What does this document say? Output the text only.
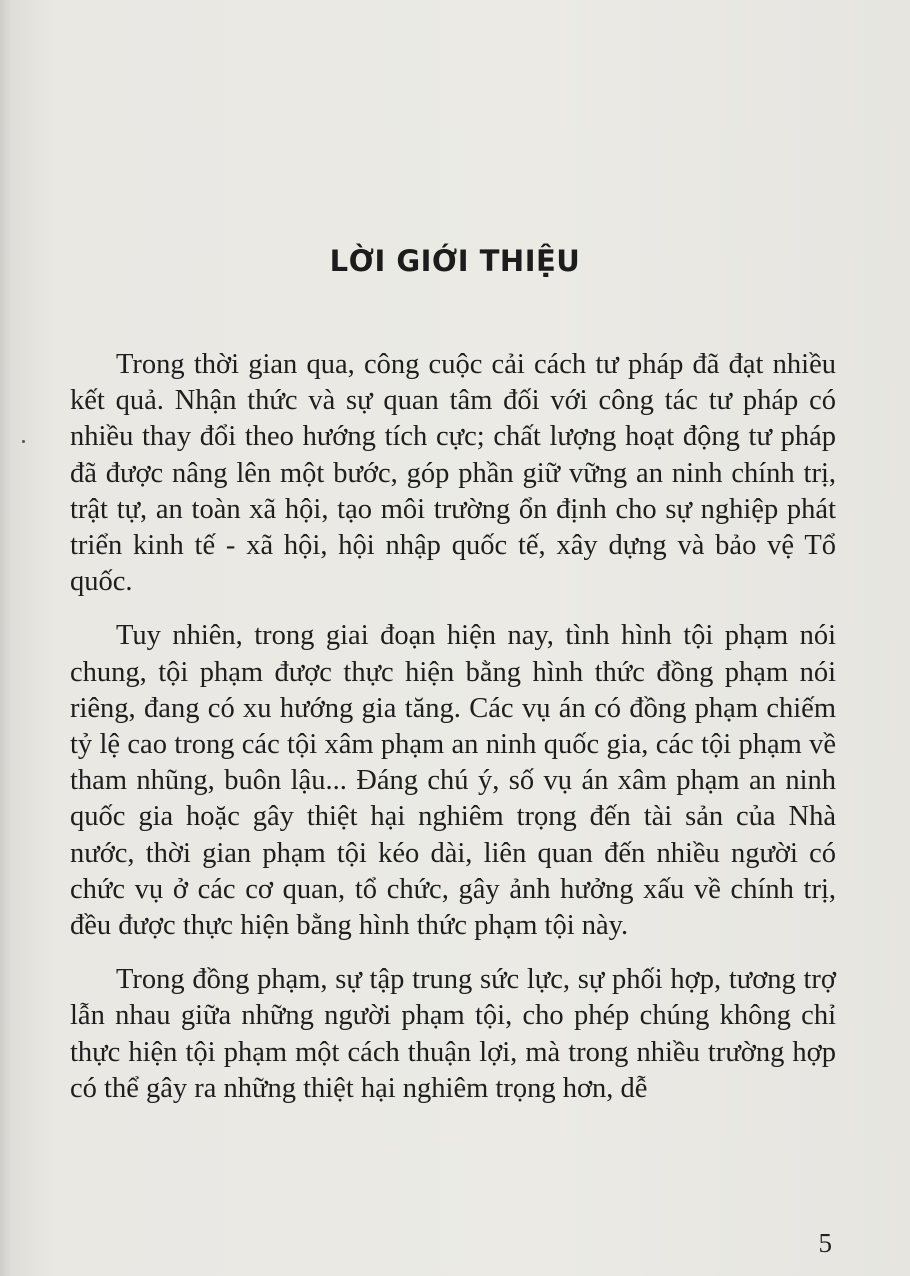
LỜI GIỚI THIỆU

Trong thời gian qua, công cuộc cải cách tư pháp đã đạt nhiều kết quả. Nhận thức và sự quan tâm đối với công tác tư pháp có nhiều thay đổi theo hướng tích cực; chất lượng hoạt động tư pháp đã được nâng lên một bước, góp phần giữ vững an ninh chính trị, trật tự, an toàn xã hội, tạo môi trường ổn định cho sự nghiệp phát triển kinh tế - xã hội, hội nhập quốc tế, xây dựng và bảo vệ Tổ quốc.

Tuy nhiên, trong giai đoạn hiện nay, tình hình tội phạm nói chung, tội phạm được thực hiện bằng hình thức đồng phạm nói riêng, đang có xu hướng gia tăng. Các vụ án có đồng phạm chiếm tỷ lệ cao trong các tội xâm phạm an ninh quốc gia, các tội phạm về tham nhũng, buôn lậu... Đáng chú ý, số vụ án xâm phạm an ninh quốc gia hoặc gây thiệt hại nghiêm trọng đến tài sản của Nhà nước, thời gian phạm tội kéo dài, liên quan đến nhiều người có chức vụ ở các cơ quan, tổ chức, gây ảnh hưởng xấu về chính trị, đều được thực hiện bằng hình thức phạm tội này.

Trong đồng phạm, sự tập trung sức lực, sự phối hợp, tương trợ lẫn nhau giữa những người phạm tội, cho phép chúng không chỉ thực hiện tội phạm một cách thuận lợi, mà trong nhiều trường hợp có thể gây ra những thiệt hại nghiêm trọng hơn, dễ

5
